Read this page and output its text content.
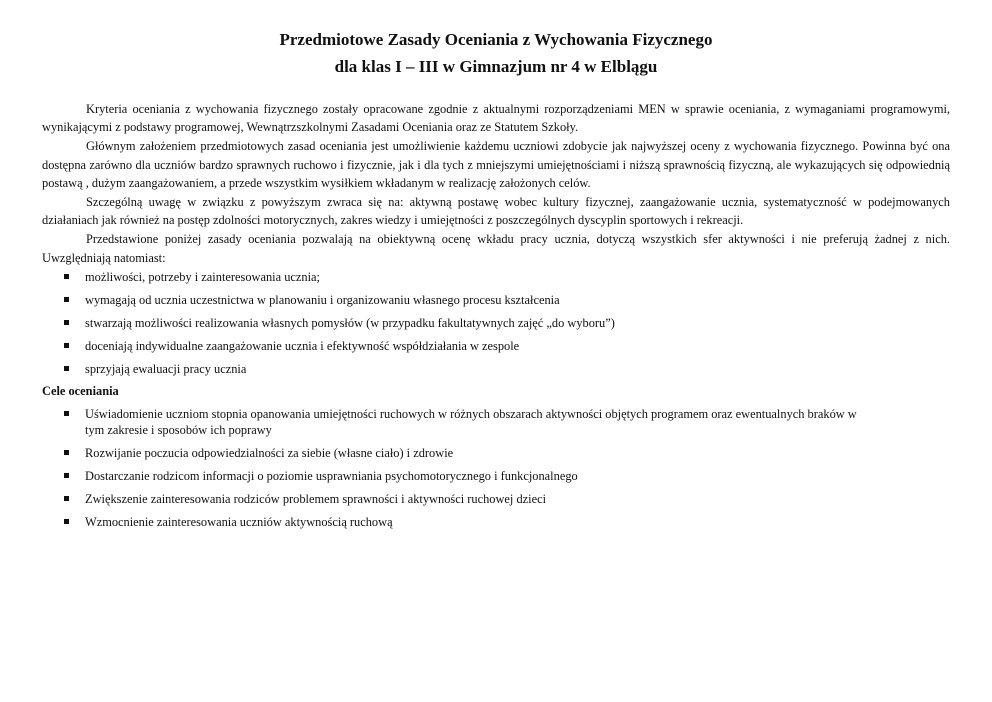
Przedmiotowe Zasady Oceniania z Wychowania Fizycznego
dla klas I – III w Gimnazjum nr 4 w Elblągu

Kryteria oceniania z wychowania fizycznego zostały opracowane zgodnie z aktualnymi rozporządzeniami MEN w sprawie oceniania, z wymaganiami programowymi, wynikającymi z podstawy programowej, Wewnątrzszkolnymi Zasadami Oceniania oraz ze Statutem Szkoły.

Głównym założeniem przedmiotowych zasad oceniania jest umożliwienie każdemu uczniowi zdobycie jak najwyższej oceny z wychowania fizycznego. Powinna być ona dostępna zarówno dla uczniów bardzo sprawnych ruchowo i fizycznie, jak i dla tych z mniejszymi umiejętnościami i niższą sprawnością fizyczną, ale wykazujących się odpowiednią postawą , dużym zaangażowaniem, a przede wszystkim wysiłkiem wkładanym w realizację założonych celów.

Szczególną uwagę w związku z powyższym zwraca się na: aktywną postawę wobec kultury fizycznej, zaangażowanie ucznia, systematyczność w podejmowanych działaniach jak również na postęp zdolności motorycznych, zakres wiedzy i umiejętności z poszczególnych dyscyplin sportowych i rekreacji.

Przedstawione poniżej zasady oceniania pozwalają na obiektywną ocenę wkładu pracy ucznia, dotyczą wszystkich sfer aktywności i nie preferują żadnej z nich. Uwzględniają natomiast:

możliwości, potrzeby i zainteresowania ucznia;
wymagają od ucznia uczestnictwa w planowaniu i organizowaniu własnego procesu kształcenia
stwarzają możliwości realizowania własnych pomysłów (w przypadku fakultatywnych zajęć „do wyboru”)
doceniają indywidualne zaangażowanie ucznia i efektywność współdziałania w zespole
sprzyjają ewaluacji pracy ucznia
Cele oceniania
Uświadomienie uczniom stopnia opanowania umiejętności ruchowych w różnych obszarach aktywności objętych programem oraz ewentualnych braków w tym zakresie i sposobów ich poprawy
Rozwijanie poczucia odpowiedzialności za siebie (własne ciało) i zdrowie
Dostarczanie rodzicom informacji o poziomie usprawniania psychomotorycznego i funkcjonalnego
Zwiększenie zainteresowania rodziców problemem sprawności i aktywności ruchowej dzieci
Wzmocnienie zainteresowania uczniów aktywnością ruchową
